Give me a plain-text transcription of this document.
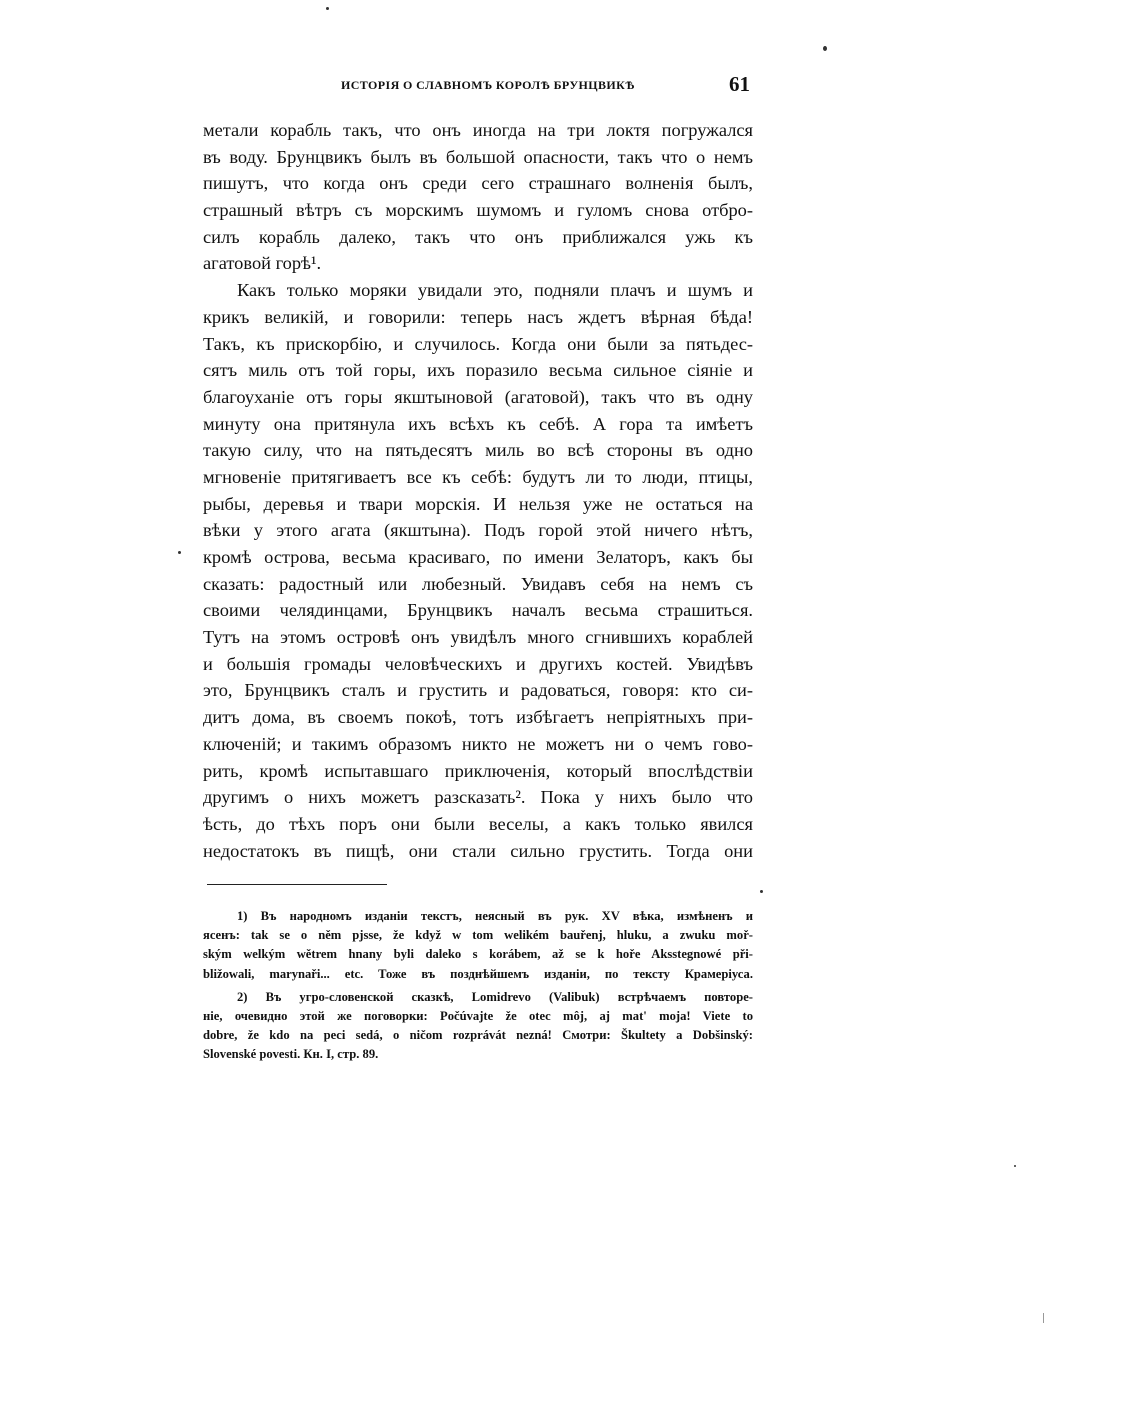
ИСТОРІЯ О СЛАВНОМЪ КОРОЛѢ БРУНЦВИКѢ	61
метали корабль такъ, что онъ иногда на три локтя погружался
въ воду. Брунцвикъ былъ въ большой опасности, такъ что о немъ
пишутъ, что когда онъ среди сего страшнаго волненія былъ,
страшный вѣтръ съ морскимъ шумомъ и гуломъ снова отбро-
силъ корабль далеко, такъ что онъ приближался ужь къ
агатовой горѣ¹.
Какъ только моряки увидали это, подняли плачъ и шумъ и
крикъ великій, и говорили: теперь насъ ждетъ вѣрная бѣда!
Такъ, къ прискорбію, и случилось. Когда они были за пятьдес-
сятъ миль отъ той горы, ихъ поразило весьма сильное сіяніе и
благоуханіе отъ горы якштыновой (агатовой), такъ что въ одну
минуту она притянула ихъ всѣхъ къ себѣ. А гора та имѣетъ
такую силу, что на пятьдесятъ миль во всѣ стороны въ одно
мгновеніе притягиваетъ все къ себѣ: будутъ ли то люди, птицы,
рыбы, деревья и твари морскія. И нельзя уже не остаться на
вѣки у этого агата (якштына). Подъ горой этой ничего нѣтъ,
кромѣ острова, весьма красиваго, по имени Зелаторъ, какъ бы
сказать: радостный или любезный. Увидавъ себя на немъ съ
своими челядинцами, Брунцвикъ началъ весьма страшиться.
Тутъ на этомъ островѣ онъ увидѣлъ много сгнившихъ кораблей
и большія громады человѣческихъ и другихъ костей. Увидѣвъ
это, Брунцвикъ сталъ и грустить и радоваться, говоря: кто си-
дитъ дома, въ своемъ покоѣ, тотъ избѣгаетъ непріятныхъ при-
ключеній; и такимъ образомъ никто не можетъ ни о чемъ гово-
рить, кромѣ испытавшаго приключенія, который впослѣдствіи
другимъ о нихъ можетъ разсказать². Пока у нихъ было что
ѣсть, до тѣхъ поръ они были веселы, а какъ только явился
недостатокъ въ пищѣ, они стали сильно грустить. Тогда они
1) Въ народномъ изданіи текстъ, неясный въ рук. XV вѣка, измѣненъ и
ясенъ: tak se o něm pjsse, že když w tom welikém bauřenj, hluku, a zwuku moř-
ským welkým wětrem hnany byli daleko s korábem, až se k hoře Aksstegnowé při-
bližowali, marynaři... etc. Тоже въ позднѣйшемъ изданіи, по тексту Крамеріуса.
2) Въ угро-словенской сказкѣ, Lomidrevo (Valibuk) встрѣчаемъ повторе-
ніе, очевидно этой же поговорки: Počúvajte že otec môj, aj mat' moja! Viete to
dobre, že kdo na peci sedá, o ničom rozprávát nezná! Смотри: Škultety a Dobšinský:
Slovenské povesti. Кн. I, стр. 89.
